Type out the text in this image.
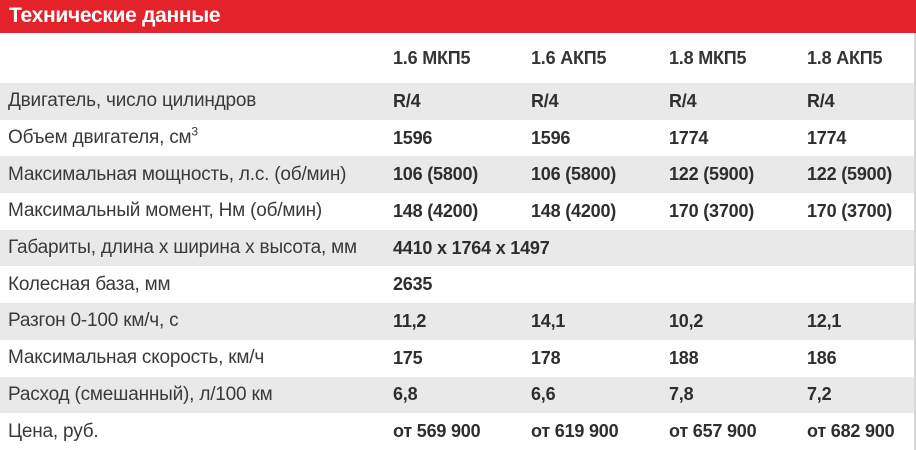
Технические данные
	1.6 МКП5	1.6 АКП5	1.8 МКП5	1.8 АКП5
Двигатель, число цилиндров	R/4	R/4	R/4	R/4
Объем двигателя, $см^3$	1596	1596	1774	1774
Максимальная мощность, л.с. (об/мин)	106 (5800)	106 (5800)	122 (5900)	122 (5900)
Максимальный момент, Нм (об/мин)	148 (4200)	148 (4200)	170 (3700)	170 (3700)
Габариты, длина x ширина x высота, мм	4410 x 1764 x 1497			
Колесная база, мм	2635			
Разгон 0-100 км/ч, с	11,2	14,1	10,2	12,1
Максимальная скорость, км/ч	175	178	188	186
Расход (смешанный), л/100 км	6,8	6,6	7,8	7,2
Цена, руб.	от 569 900	от 619 900	от 657 900	от 682 900
